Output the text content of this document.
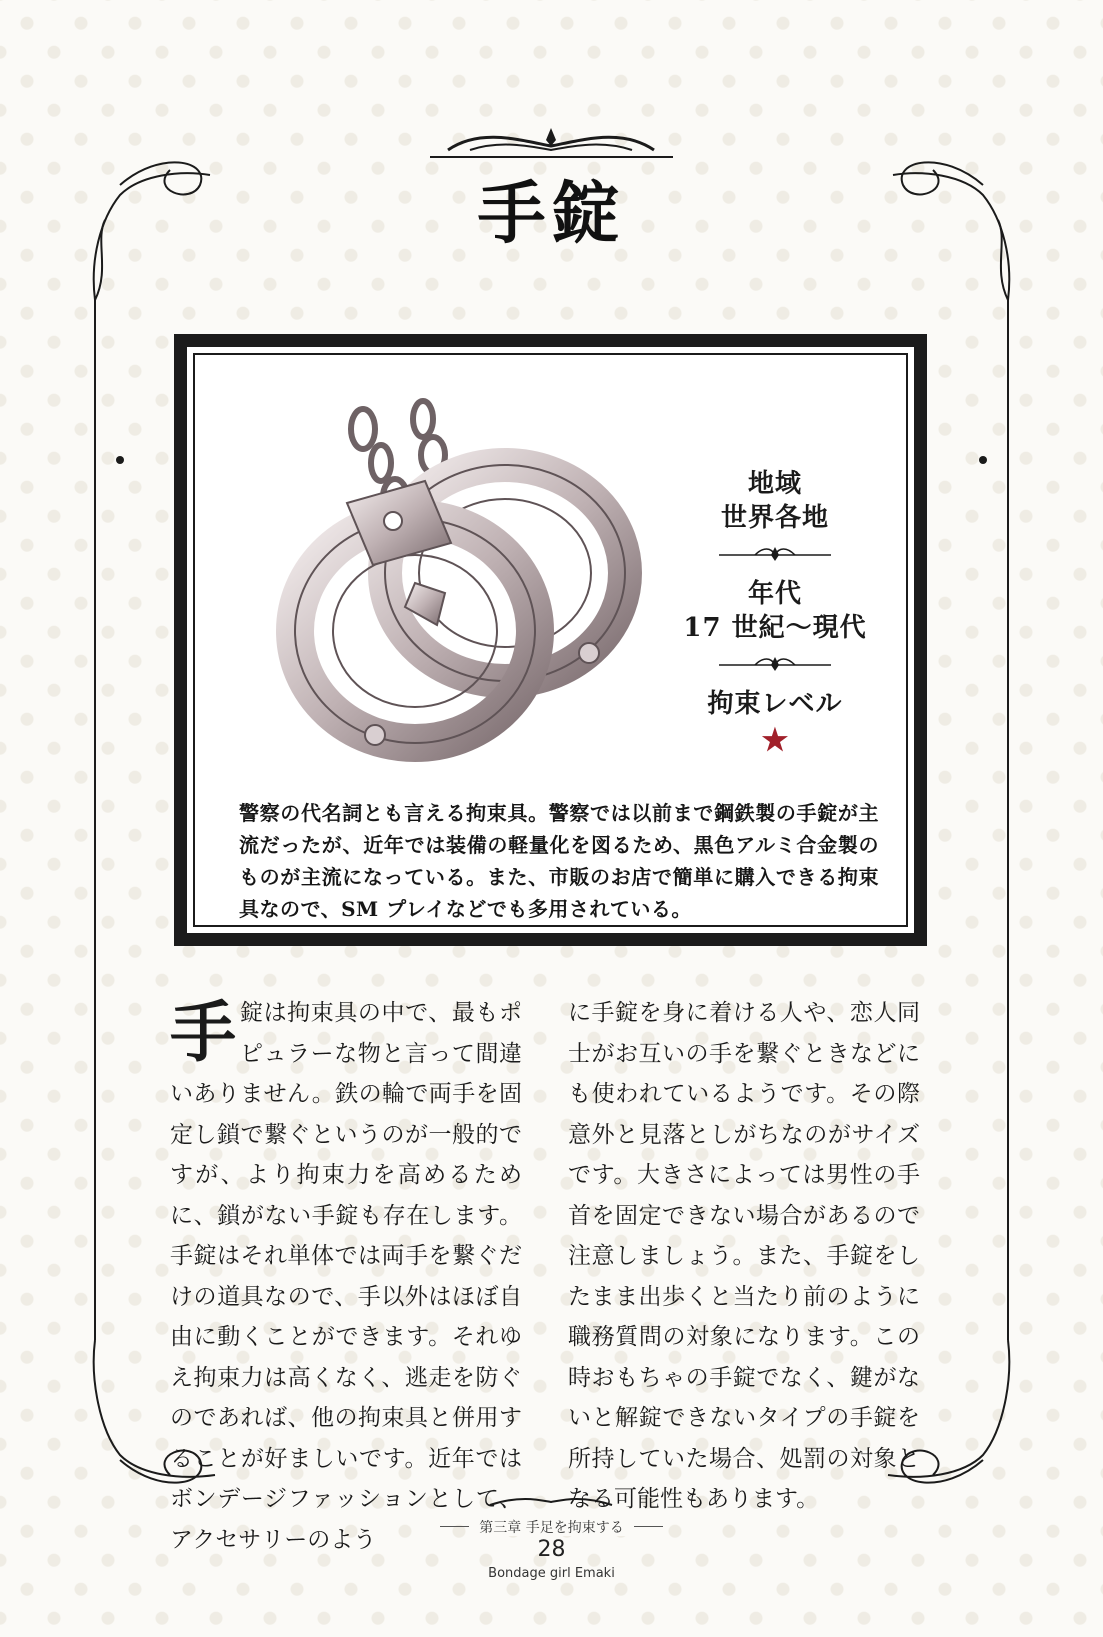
手錠
地域
世界各地
年代
17 世紀～現代
拘束レベル
★
警察の代名詞とも言える拘束具。警察では以前まで鋼鉄製の手錠が主流だったが、近年では装備の軽量化を図るため、黒色アルミ合金製のものが主流になっている。また、市販のお店で簡単に購入できる拘束具なので、SM プレイなどでも多用されている。
手 錠は拘束具の中で、最もポピュラーな物と言って間違いありません。鉄の輪で両手を固定し鎖で繋ぐというのが一般的ですが、より拘束力を高めるために、鎖がない手錠も存在します。手錠はそれ単体では両手を繋ぐだけの道具なので、手以外はほぼ自由に動くことができます。それゆえ拘束力は高くなく、逃走を防ぐのであれば、他の拘束具と併用することが好ましいです。近年ではボンデージファッションとして、アクセサリーのよう
に手錠を身に着ける人や、恋人同士がお互いの手を繋ぐときなどにも使われているようです。その際意外と見落としがちなのがサイズです。大きさによっては男性の手首を固定できない場合があるので注意しましょう。また、手錠をしたまま出歩くと当たり前のように職務質問の対象になります。この時おもちゃの手錠でなく、鍵がないと解錠できないタイプの手錠を所持していた場合、処罰の対象となる可能性もあります。
第三章 手足を拘束する
28
Bondage girl Emaki
